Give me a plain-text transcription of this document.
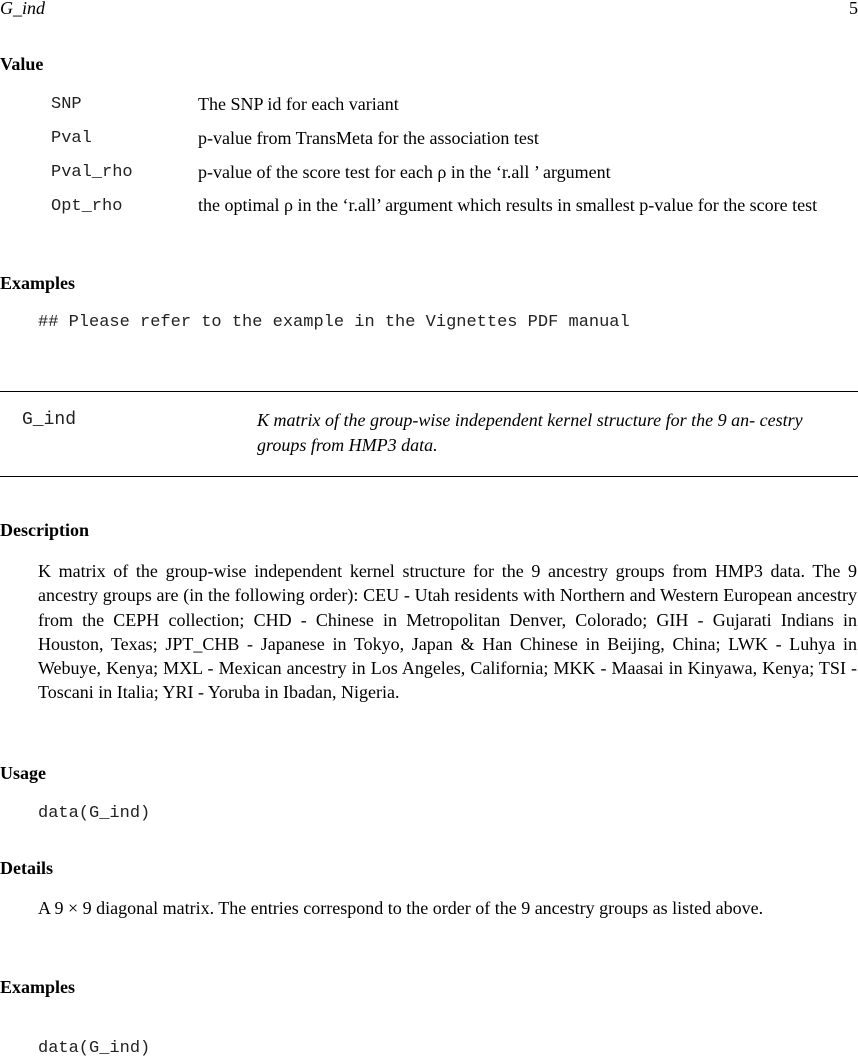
G_ind	5
Value
SNP	The SNP id for each variant
Pval	p-value from TransMeta for the association test
Pval_rho	p-value of the score test for each ρ in the ‘r.all ’ argument
Opt_rho	the optimal ρ in the ‘r.all’ argument which results in smallest p-value for the score test
Examples
## Please refer to the example in the Vignettes PDF manual
G_ind	K matrix of the group-wise independent kernel structure for the 9 an- cestry groups from HMP3 data.
Description
K matrix of the group-wise independent kernel structure for the 9 ancestry groups from HMP3 data. The 9 ancestry groups are (in the following order): CEU - Utah residents with Northern and Western European ancestry from the CEPH collection; CHD - Chinese in Metropolitan Denver, Colorado; GIH - Gujarati Indians in Houston, Texas; JPT_CHB - Japanese in Tokyo, Japan & Han Chinese in Beijing, China; LWK - Luhya in Webuye, Kenya; MXL - Mexican ancestry in Los Angeles, California; MKK - Maasai in Kinyawa, Kenya; TSI - Toscani in Italia; YRI - Yoruba in Ibadan, Nigeria.
Usage
data(G_ind)
Details
A 9 × 9 diagonal matrix. The entries correspond to the order of the 9 ancestry groups as listed above.
Examples
data(G_ind)
